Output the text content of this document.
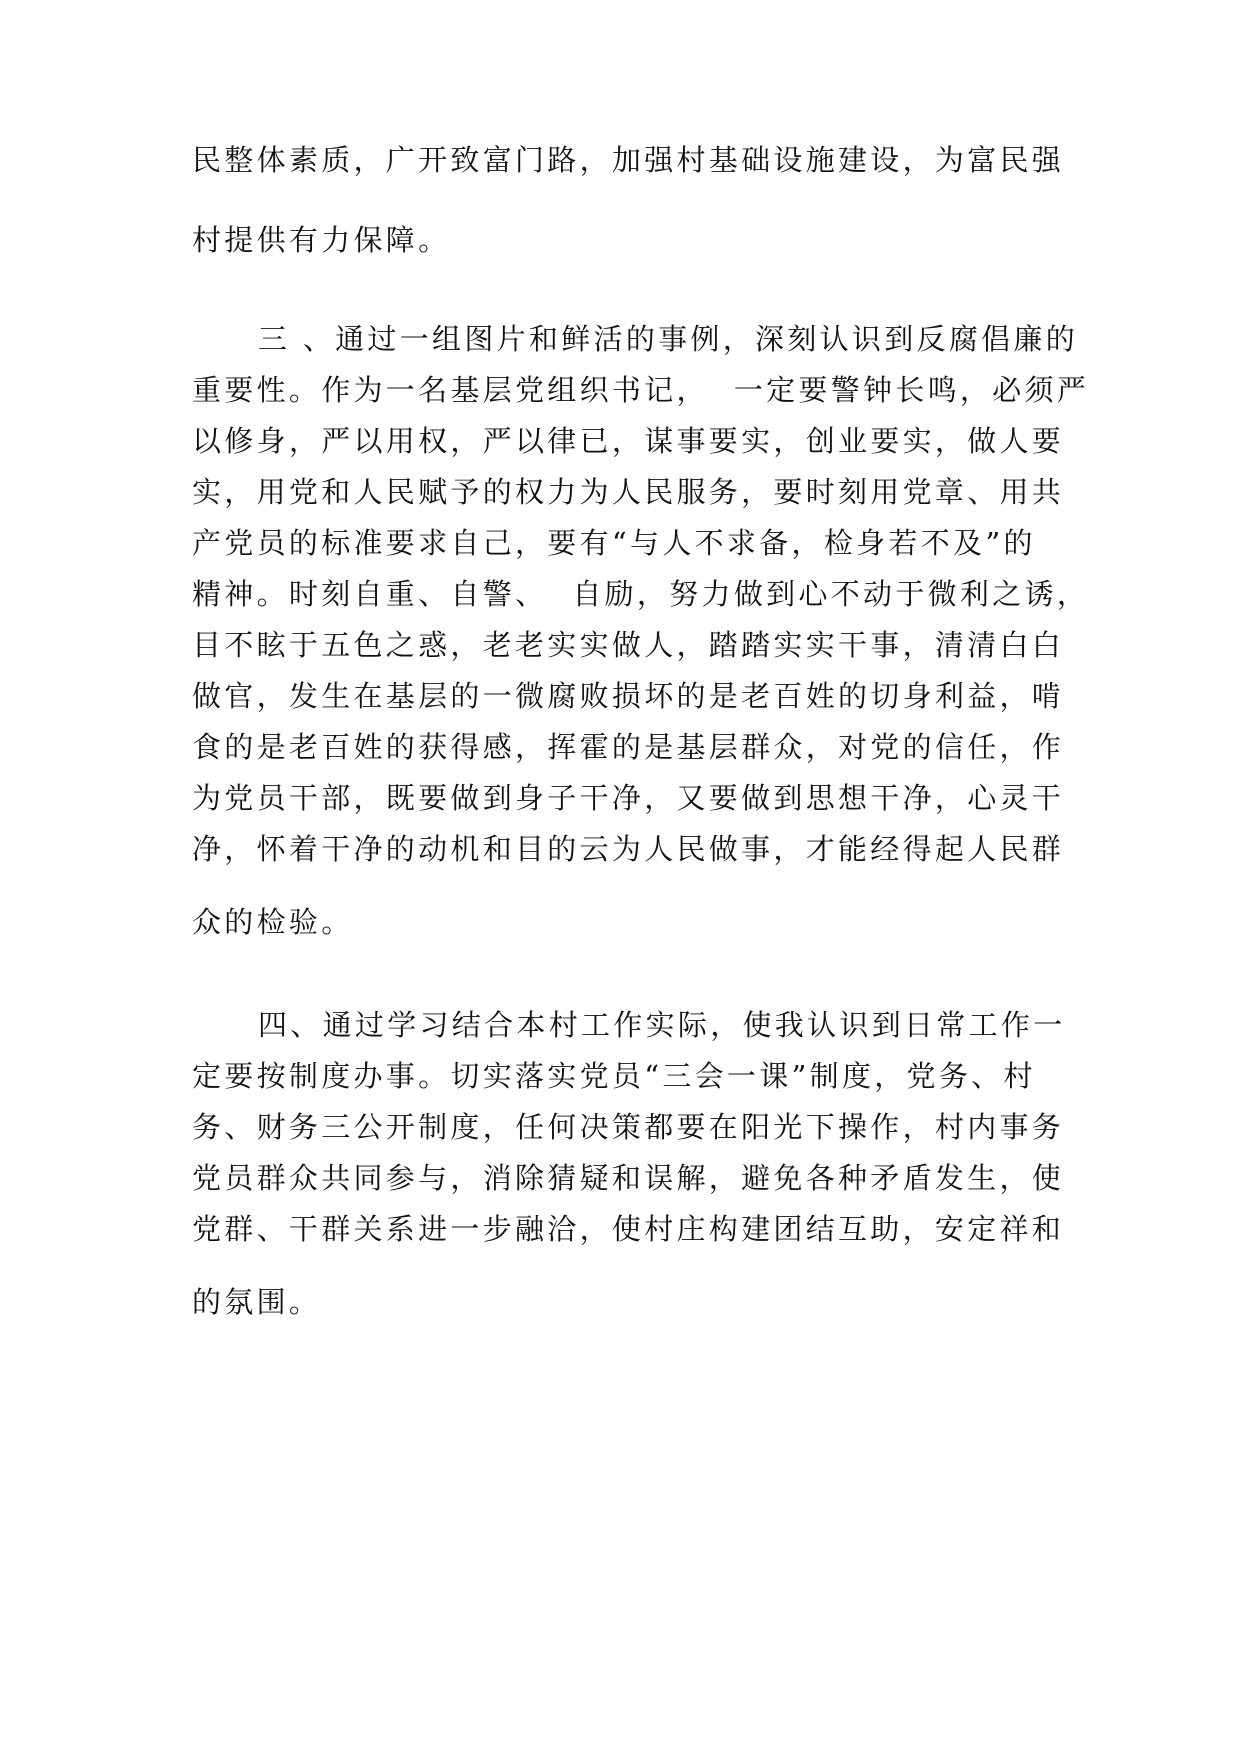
民整体素质，广开致富门路，加强村基础设施建设，为富民强
村提供有力保障。
三 、通过一组图片和鲜活的事例，深刻认识到反腐倡廉的
重要性。作为一名基层党组织书记，  一定要警钟长鸣，必须严
以修身，严以用权，严以律已，谋事要实，创业要实，做人要
实，用党和人民赋予的权力为人民服务，要时刻用党章、用共
产党员的标准要求自己，要有“与人不求备，检身若不及”的
精神。时刻自重、自警、  自励，努力做到心不动于微利之诱，
目不眩于五色之惑，老老实实做人，踏踏实实干事，清清白白
做官，发生在基层的一微腐败损坏的是老百姓的切身利益，啃
食的是老百姓的获得感，挥霍的是基层群众，对党的信任，作
为党员干部，既要做到身子干净，又要做到思想干净，心灵干
净，怀着干净的动机和目的云为人民做事，才能经得起人民群
众的检验。
四、通过学习结合本村工作实际，使我认识到日常工作一
定要按制度办事。切实落实党员“三会一课”制度，党务、村
务、财务三公开制度，任何决策都要在阳光下操作，村内事务
党员群众共同参与，消除猜疑和误解，避免各种矛盾发生，使
党群、干群关系进一步融洽，使村庄构建团结互助，安定祥和
的氛围。
